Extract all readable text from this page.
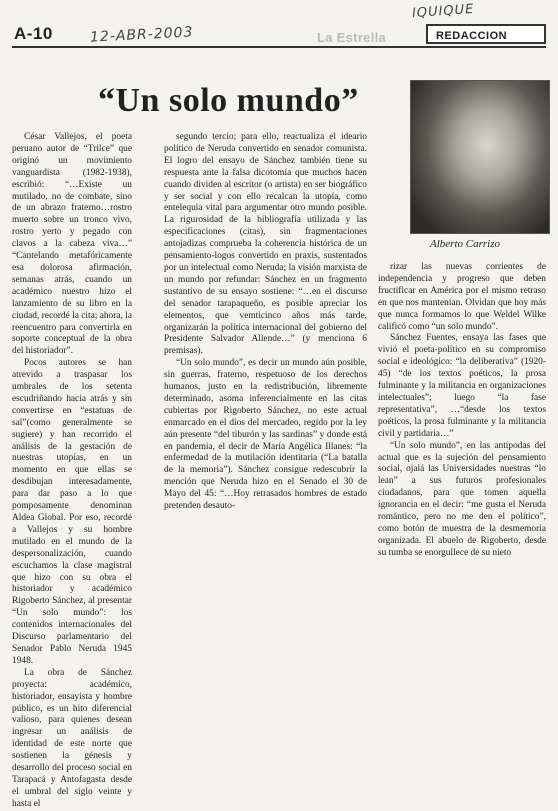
A-10	12-ABR-2003
IQUIQUE
La Estrella	REDACCION
“Un solo mundo”
Alberto Carrizo

César Vallejos, el poeta peruano autor de “Trilce” que originó un movimiento vanguardista (1982-1938), escribió: “…Existe un mutilado, no de combate, sino de un abrazo fraterno…rostro muerto sobre un tronco vivo, rostro yerto y pegado con clavos a la cabeza viva…” “Cantelando metafóricamente esa dolorosa afirmación, semanas atrás, cuando un académico nuestro hizo el lanzamiento de su libro en la ciudad, recordé la cita; ahora, la reencuentro para convertirla en soporte conceptual de la obra del historiador”.

Pocos autores se han atrevido a traspasar los umbrales de los setenta escudriñando hacia atrás y sin convertirse en “estatuas de sal”(como generalmente se sugiere) y han recorrido el análisis de la gestación de nuestras utopías, en un momento en que ellas se desdibujan interesadamente, para dar paso a lo que pomposamente denominan Aldea Global. Por eso, recordé a Vallejos y su hombre mutilado en el mundo de la despersonalización, cuando escuchamos la clase magistral que hizo con su obra el historiador y académico Rigoberto Sánchez, al presentar “Un solo mundo”: los contenidos internacionales del Discurso parlamentario del Senador Pablo Neruda 1945 1948.

La obra de Sánchez proyecta: académico, historiador, ensayista y hombre público, es un hito diferencial valioso, para quienes desean ingresar un análisis de identidad de este norte que sostienen la génesis y desarrollo del proceso social en Tarapacá y Antofagasta desde el umbral del siglo veinte y hasta el

segundo tercio; para ello, reactualiza el ideario político de Neruda convertido en senador comunista. El logro del ensayo de Sánchez también tiene su respuesta ante la falsa dicotomía que muchos hacen cuando dividen al escritor (o artista) en ser biográfico y ser social y con ello recalcan la utopía, como entelequia vital para argumentar otro mundo posible. La rigurosidad de la bibliografía utilizada y las especificaciones (citas), sin fragmentaciones antojadizas comprueba la coherencia histórica de un pensamiento-logos convertido en praxis, sustentados por un intelectual como Neruda; la visión marxista de un mundo por refundar: Sánchez en un fragmento sustantivo de su ensayo sostiene: “…en el discurso del senador tarapaqueño, es posible apreciar los elementos, que vemticinco años más tarde, organizarán la política internacional del gobierno del Presidente Salvador Allende…” (y menciona 6 premisas).

“Un solo mundo”, es decir un mundo aún posible, sin guerras, fraterno, respetuoso de los derechos humanos, justo en la redistribución, libremente determinado, asoma inferencialmente en las citas cubiertas por Rigoberto Sánchez, no este actual enmarcado en el dios del mercadeo, regido por la ley aún presente “del tiburón y las sardinas” y donde está en pandemia, el decir de María Angélica Illanes: “la enfermedad de la mutilación identitaria (“La batalla de la memoria”). Sánchez consigue redescubrir la mención que Neruda hizo en el Senado el 30 de Mayo del 45: “…Hoy retrasados hombres de estado pretenden desauto-

rizar las nuevas corrientes de independencia y progreso que deben fructificar en América por el mismo retraso en que nos mantenían. Olvidan que hoy más que nunca formamos lo que Weldel Wilke calificó como “un solo mundo”.

Sánchez Fuentes, ensaya las fases que vivió el poeta-político en su compromiso social e ideológico: “la deliberativa” (1920-45) “de los textos poéticos, la prosa fulminante y la militancia en organizaciones intelectuales”; luego “la fase representativa”, …“desde los textos poéticos, la prosa fulminante y la militancia civil y partidaria…”

“Un solo mundo”, en las antípodas del actual que es la sujeción del pensamiento social, ojalá las Universidades nuestras “lo lean” a sus futuros profesionales ciudadanos, para que tomen aquella ignorancia en el decir: “me gusta el Neruda romántico, pero no me den el político”, como botón de muestra de la desmemoria organizada. El abuelo de Rigoberto, desde su tumba se enorgullece de su nieto
